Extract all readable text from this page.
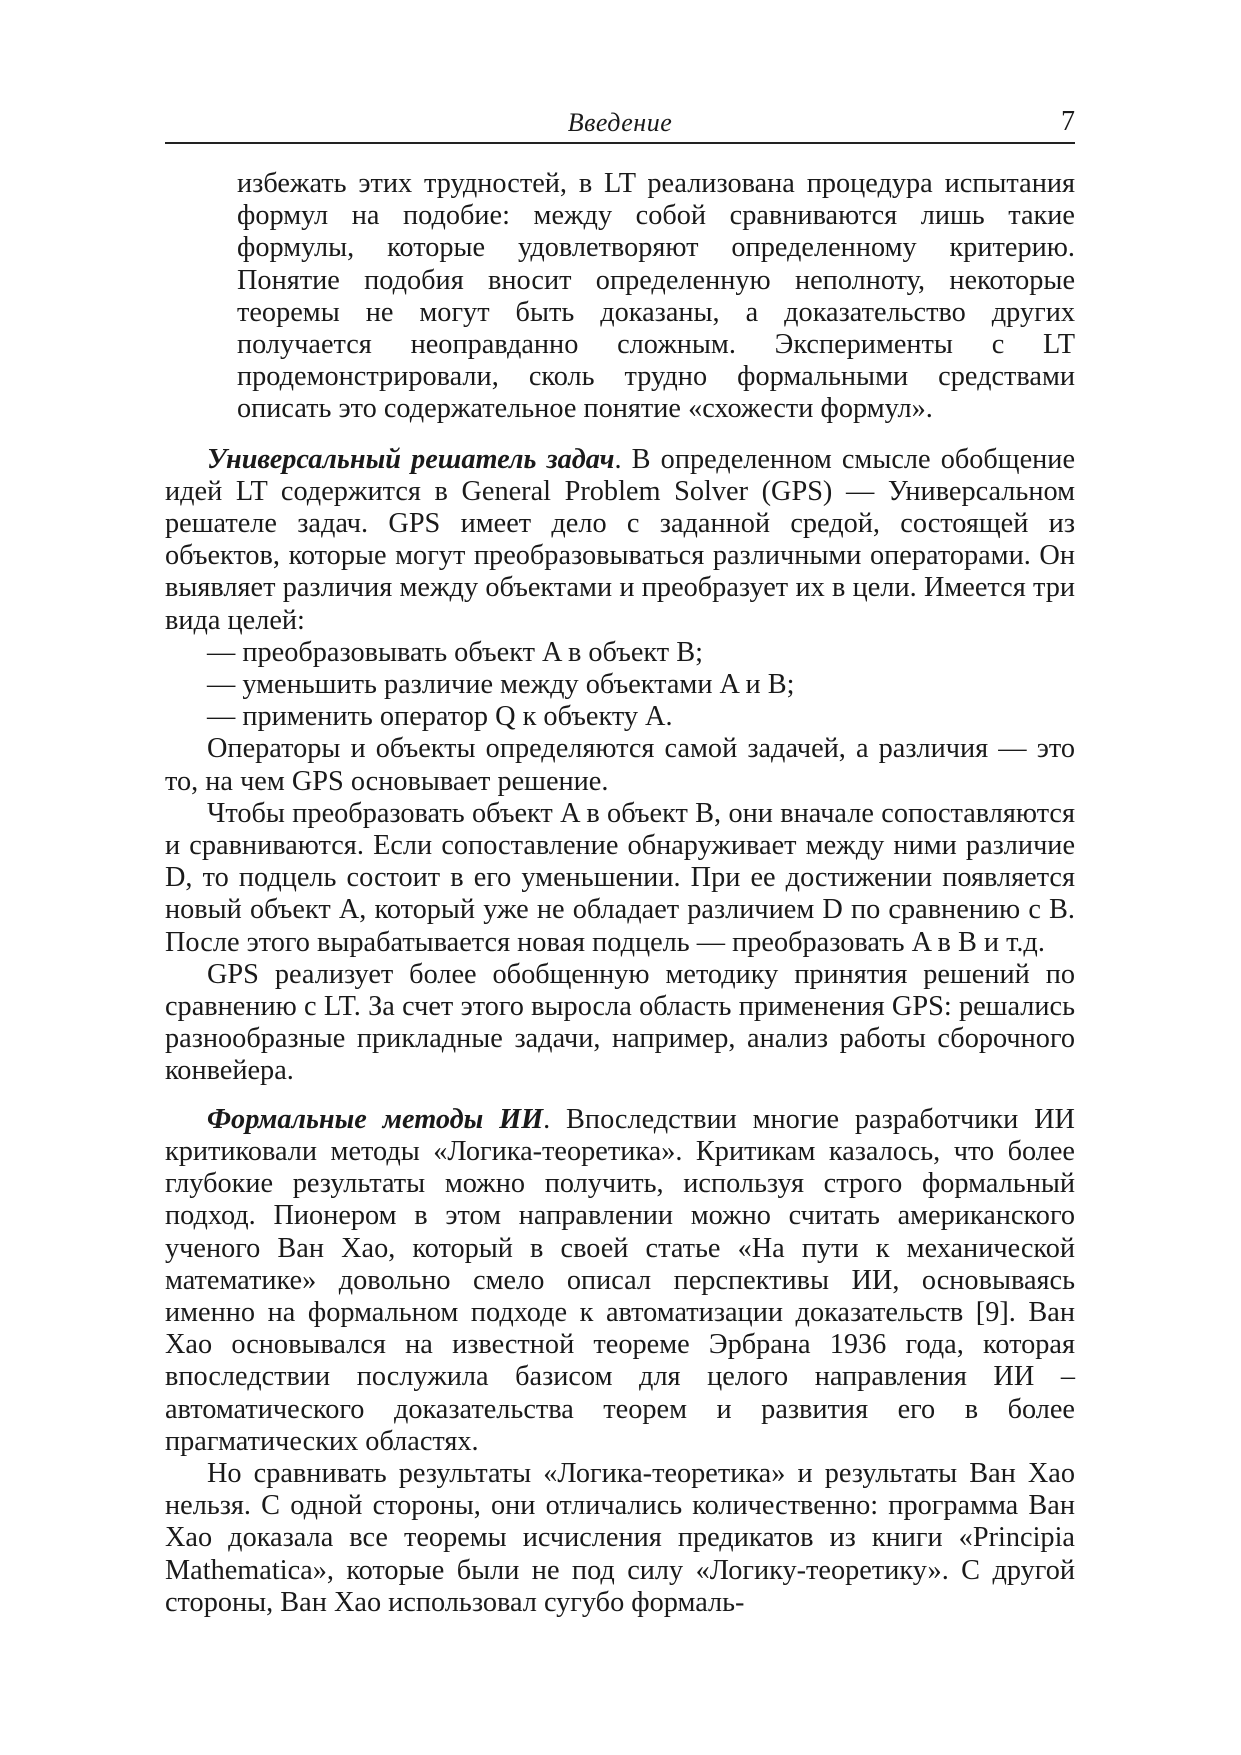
Введение	7

избежать этих трудностей, в LT реализована процедура испытания формул на подобие: между собой сравниваются лишь такие формулы, которые удовлетворяют определенному критерию. Понятие подобия вносит определенную неполноту, некоторые теоремы не могут быть доказаны, а доказательство других получается неоправданно сложным. Эксперименты с LT продемонстрировали, сколь трудно формальными средствами описать это содержательное понятие «схожести формул».

Универсальный решатель задач. В определенном смысле обобщение идей LT содержится в General Problem Solver (GPS) — Универсальном решателе задач. GPS имеет дело с заданной средой, состоящей из объектов, которые могут преобразовываться различными операторами. Он выявляет различия между объектами и преобразует их в цели. Имеется три вида целей:

— преобразовывать объект A в объект B;

— уменьшить различие между объектами A и B;

— применить оператор Q к объекту A.

Операторы и объекты определяются самой задачей, а различия — это то, на чем GPS основывает решение.

Чтобы преобразовать объект A в объект B, они вначале сопоставляются и сравниваются. Если сопоставление обнаруживает между ними различие D, то подцель состоит в его уменьшении. При ее достижении появляется новый объект A, который уже не обладает различием D по сравнению с B. После этого вырабатывается новая подцель — преобразовать A в B и т.д.

GPS реализует более обобщенную методику принятия решений по сравнению с LT. За счет этого выросла область применения GPS: решались разнообразные прикладные задачи, например, анализ работы сборочного конвейера.

Формальные методы ИИ. Впоследствии многие разработчики ИИ критиковали методы «Логика-теоретика». Критикам казалось, что более глубокие результаты можно получить, используя строго формальный подход. Пионером в этом направлении можно считать американского ученого Ван Хао, который в своей статье «На пути к механической математике» довольно смело описал перспективы ИИ, основываясь именно на формальном подходе к автоматизации доказательств [9]. Ван Хао основывался на известной теореме Эрбрана 1936 года, которая впоследствии послужила базисом для целого направления ИИ – автоматического доказательства теорем и развития его в более прагматических областях.

Но сравнивать результаты «Логика-теоретика» и результаты Ван Хао нельзя. С одной стороны, они отличались количественно: программа Ван Хао доказала все теоремы исчисления предикатов из книги «Principia Mathematica», которые были не под силу «Логику-теоретику». С другой стороны, Ван Хао использовал сугубо формаль-
